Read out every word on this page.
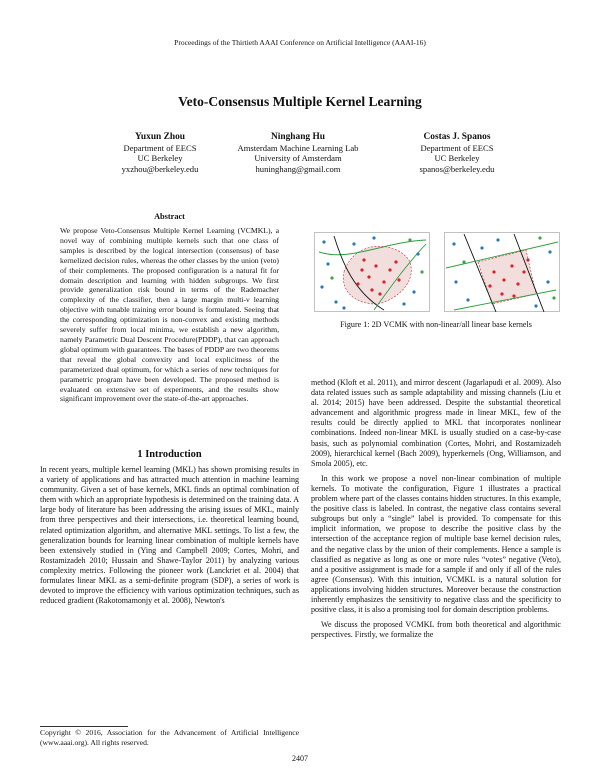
Proceedings of the Thirtieth AAAI Conference on Artificial Intelligence (AAAI-16)
Veto-Consensus Multiple Kernel Learning
Yuxun Zhou
Department of EECS
UC Berkeley
yxzhou@berkeley.edu
Ninghang Hu
Amsterdam Machine Learning Lab
University of Amsterdam
huninghang@gmail.com
Costas J. Spanos
Department of EECS
UC Berkeley
spanos@berkeley.edu
Abstract

We propose Veto-Consensus Multiple Kernel Learning (VCMKL), a novel way of combining multiple kernels such that one class of samples is described by the logical intersection (consensus) of base kernelized decision rules, whereas the other classes by the union (veto) of their complements. The proposed configuration is a natural fit for domain description and learning with hidden subgroups. We first provide generalization risk bound in terms of the Rademacher complexity of the classifier, then a large margin multi-ν learning objective with tunable training error bound is formulated. Seeing that the corresponding optimization is non-convex and existing methods severely suffer from local minima, we establish a new algorithm, namely Parametric Dual Descent Procedure(PDDP), that can approach global optimum with guarantees. The bases of PDDP are two theorems that reveal the global convexity and local explicitness of the parameterized dual optimum, for which a series of new techniques for parametric program have been developed. The proposed method is evaluated on extensive set of experiments, and the results show significant improvement over the state-of-the-art approaches.

1 Introduction

In recent years, multiple kernel learning (MKL) has shown promising results in a variety of applications and has attracted much attention in machine learning community. Given a set of base kernels, MKL finds an optimal combination of them with which an appropriate hypothesis is determined on the training data. A large body of literature has been addressing the arising issues of MKL, mainly from three perspectives and their intersections, i.e. theoretical learning bound, related optimization algorithm, and alternative MKL settings. To list a few, the generalization bounds for learning linear combination of multiple kernels have been extensively studied in (Ying and Campbell 2009; Cortes, Mohri, and Rostamizadeh 2010; Hussain and Shawe-Taylor 2011) by analyzing various complexity metrics. Following the pioneer work (Lanckriet et al. 2004) that formulates linear MKL as a semi-definite program (SDP), a series of work is devoted to improve the efficiency with various optimization techniques, such as reduced gradient (Rakotomamonjy et al. 2008), Newton's

Copyright © 2016, Association for the Advancement of Artificial Intelligence (www.aaai.org). All rights reserved.

Figure 1: 2D VCMK with non-linear/all linear base kernels

method (Kloft et al. 2011), and mirror descent (Jagarlapudi et al. 2009). Also data related issues such as sample adaptability and missing channels (Liu et al. 2014; 2015) have been addressed. Despite the substantial theoretical advancement and algorithmic progress made in linear MKL, few of the results could be directly applied to MKL that incorporates nonlinear combinations. Indeed non-linear MKL is usually studied on a case-by-case basis, such as polynomial combination (Cortes, Mohri, and Rostamizadeh 2009), hierarchical kernel (Bach 2009), hyperkernels (Ong, Williamson, and Smola 2005), etc.

In this work we propose a novel non-linear combination of multiple kernels. To motivate the configuration, Figure 1 illustrates a practical problem where part of the classes contains hidden structures. In this example, the positive class is labeled. In contrast, the negative class contains several subgroups but only a “single” label is provided. To compensate for this implicit information, we propose to describe the positive class by the intersection of the acceptance region of multiple base kernel decision rules, and the negative class by the union of their complements. Hence a sample is classified as negative as long as one or more rules “votes” negative (Veto), and a positive assignment is made for a sample if and only if all of the rules agree (Consensus). With this intuition, VCMKL is a natural solution for applications involving hidden structures. Moreover because the construction inherently emphasizes the sensitivity to negative class and the specificity to positive class, it is also a promising tool for domain description problems.

We discuss the proposed VCMKL from both theoretical and algorithmic perspectives. Firstly, we formalize the

2407
